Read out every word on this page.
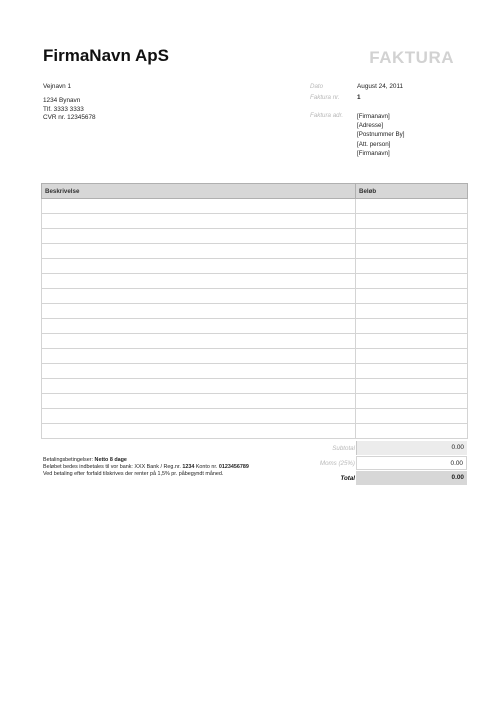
FirmaNavn ApS	FAKTURA
Vejnavn 1
1234 Bynavn
Tlf. 3333 3333
CVR nr. 12345678
Dato	August 24, 2011
Faktura nr.	1
Faktura adr. [Firmanavn]
[Adresse]
[Postnummer By]
[Att. person]
[Firmanavn]
Beskrivelse	Beløb

Subtotal	0.00
Moms (25%)	0.00
Total	0.00
Betalingsbetingelser: Netto 8 dage
Beløbet bedes indbetales til vor bank: XXX Bank / Reg.nr. 1234 Konto nr. 0123456789
Ved betaling efter forfald tilskrives der renter på 1,5% pr. påbegyndt måned.
